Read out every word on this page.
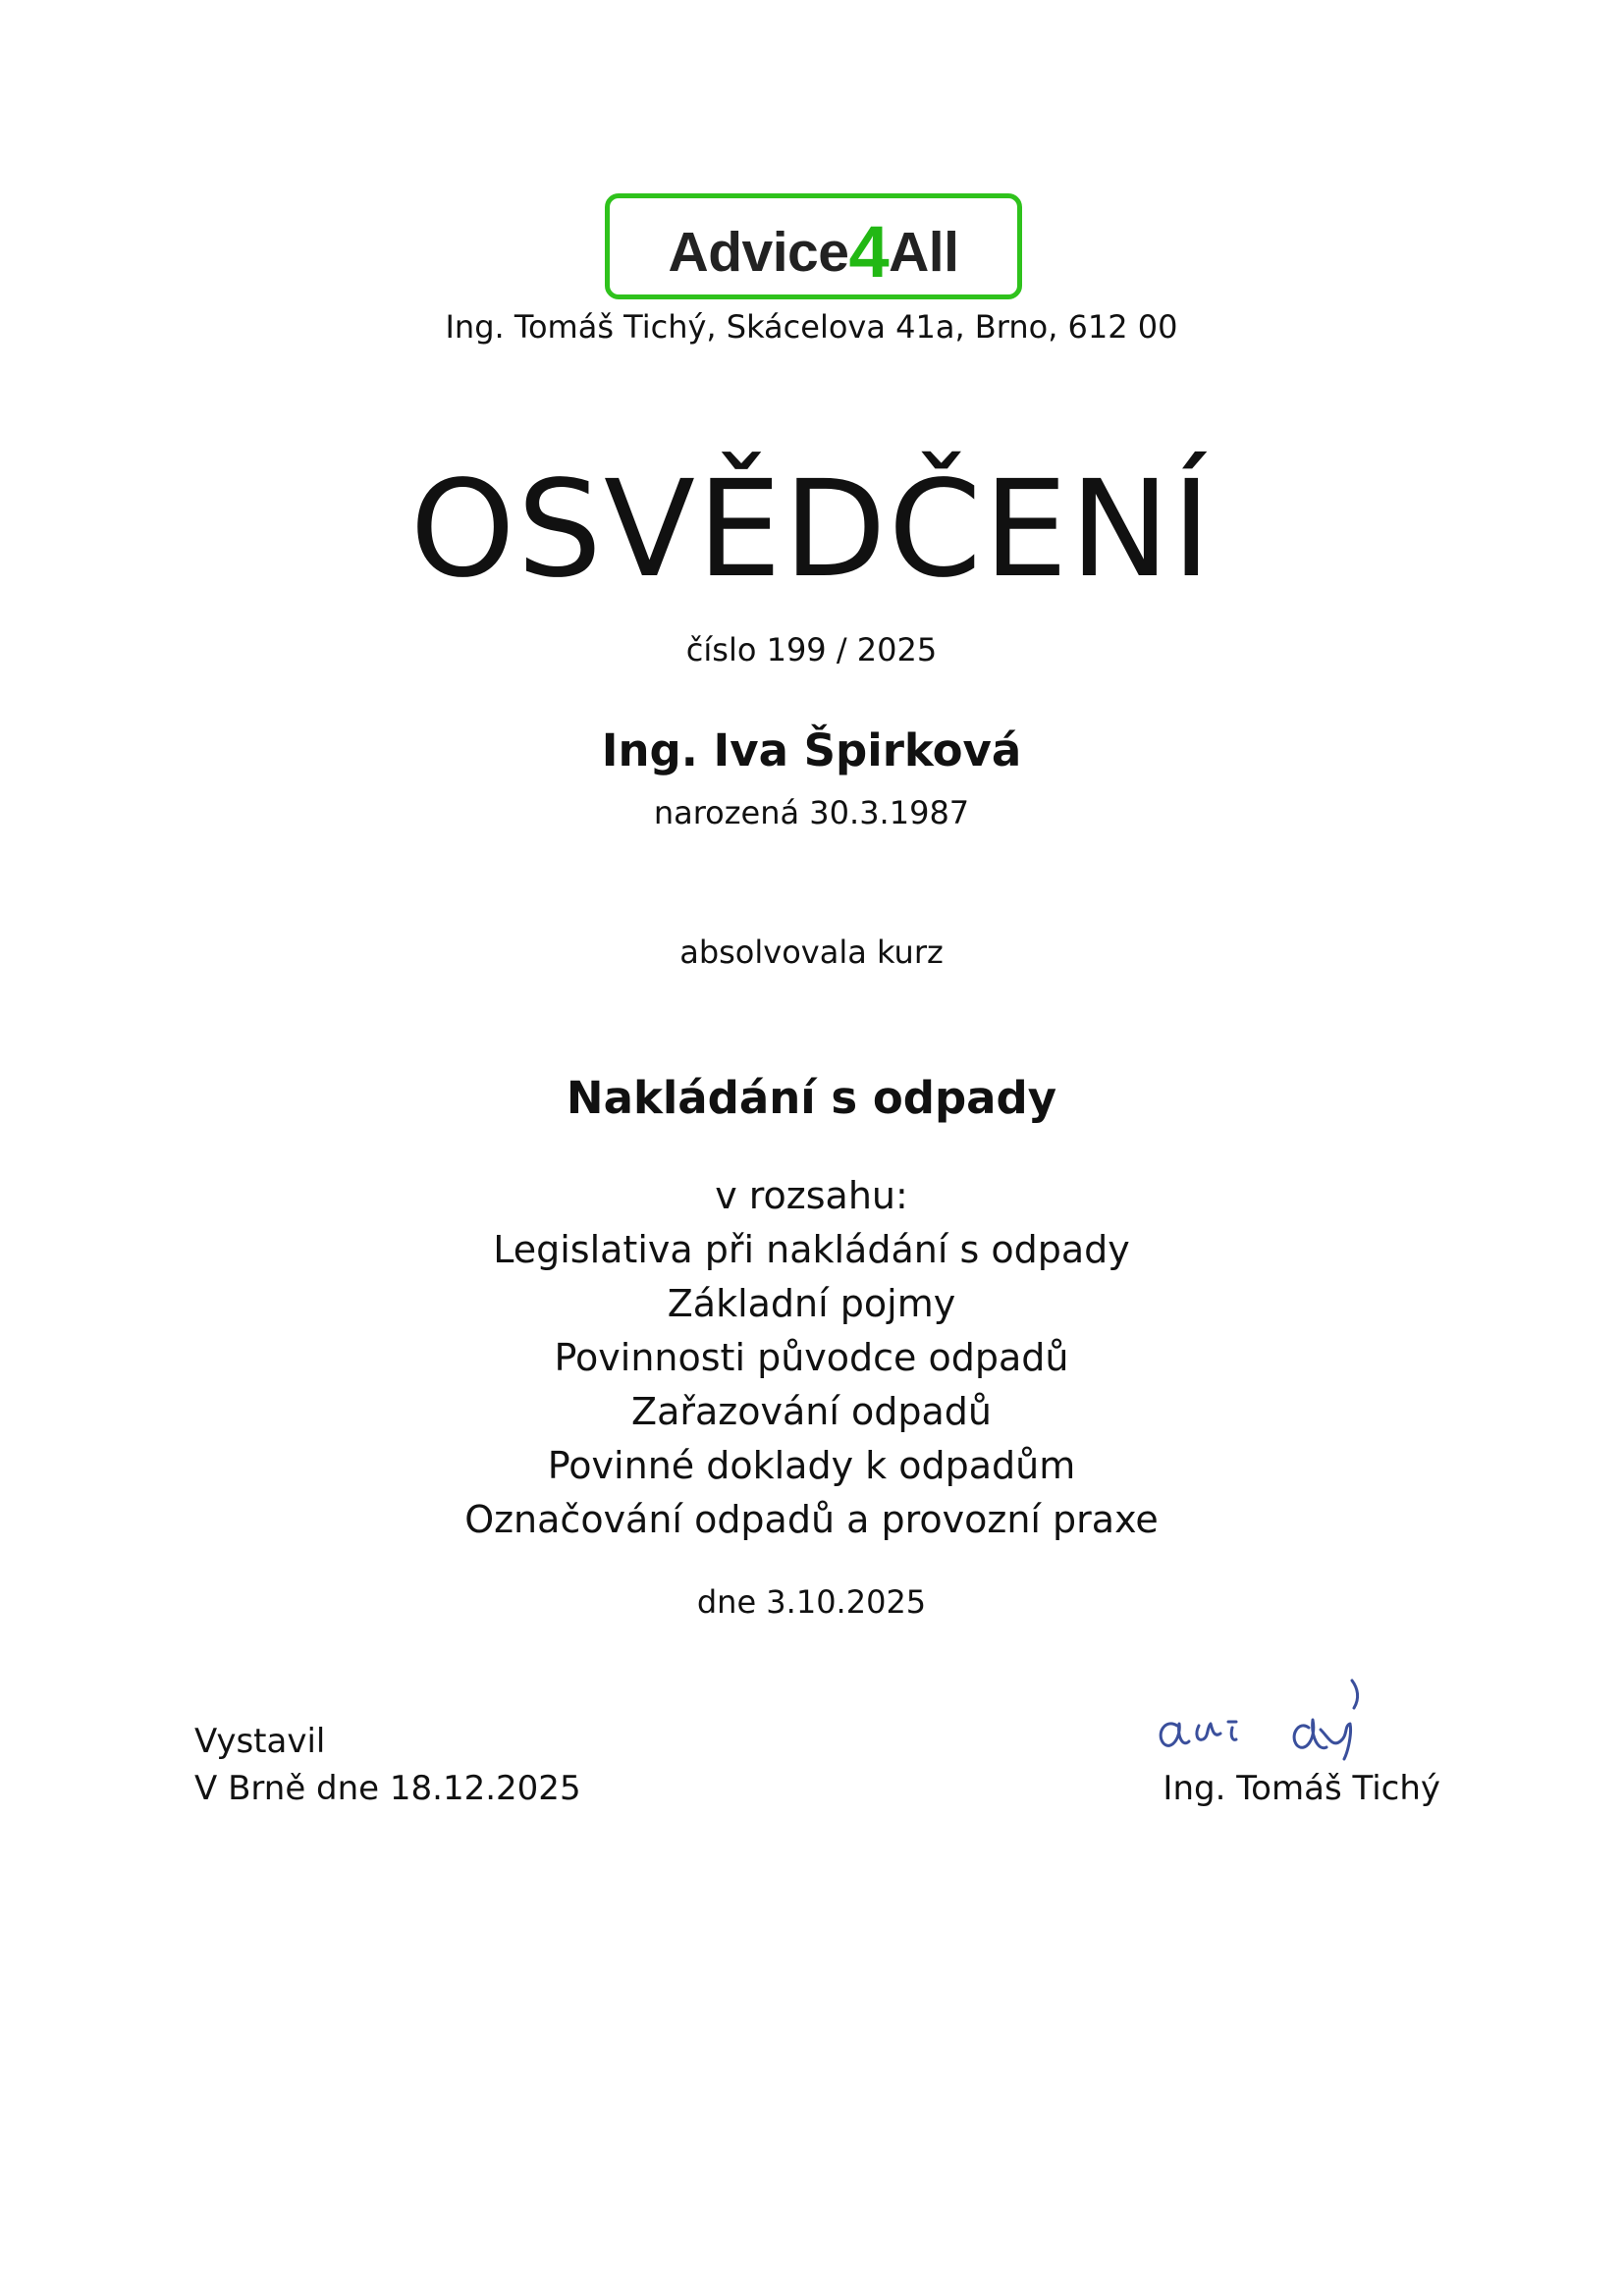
Advice4All
Ing. Tomáš Tichý, Skácelova 41a, Brno, 612 00
OSVĚDČENÍ
číslo 199 / 2025
Ing. Iva Špirková
narozená 30.3.1987
absolvovala kurz
Nakládání s odpady
v rozsahu:
Legislativa při nakládání s odpady
Základní pojmy
Povinnosti původce odpadů
Zařazování odpadů
Povinné doklady k odpadům
Označování odpadů a provozní praxe
dne 3.10.2025
Vystavil
V Brně dne 18.12.2025	Ing. Tomáš Tichý
